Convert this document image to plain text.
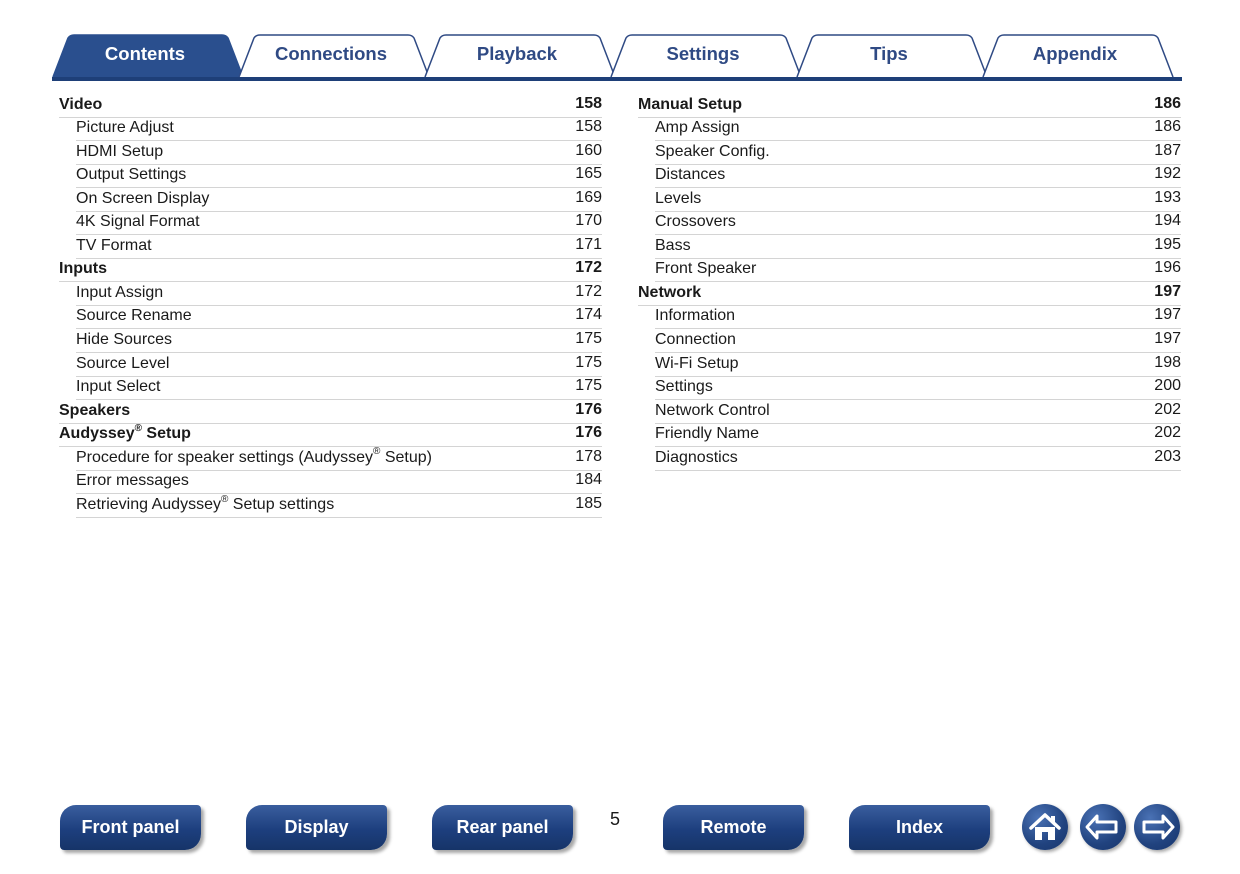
Contents	Connections	Playback	Settings	Tips	Appendix
Video	158
Picture Adjust	158
HDMI Setup	160
Output Settings	165
On Screen Display	169
4K Signal Format	170
TV Format	171
Inputs	172
Input Assign	172
Source Rename	174
Hide Sources	175
Source Level	175
Input Select	175
Speakers	176
Audyssey® Setup	176
Procedure for speaker settings (Audyssey® Setup)	178
Error messages	184
Retrieving Audyssey® Setup settings	185
Manual Setup	186
Amp Assign	186
Speaker Config.	187
Distances	192
Levels	193
Crossovers	194
Bass	195
Front Speaker	196
Network	197
Information	197
Connection	197
Wi-Fi Setup	198
Settings	200
Network Control	202
Friendly Name	202
Diagnostics	203
Front panel	Display	Rear panel	5	Remote	Index
